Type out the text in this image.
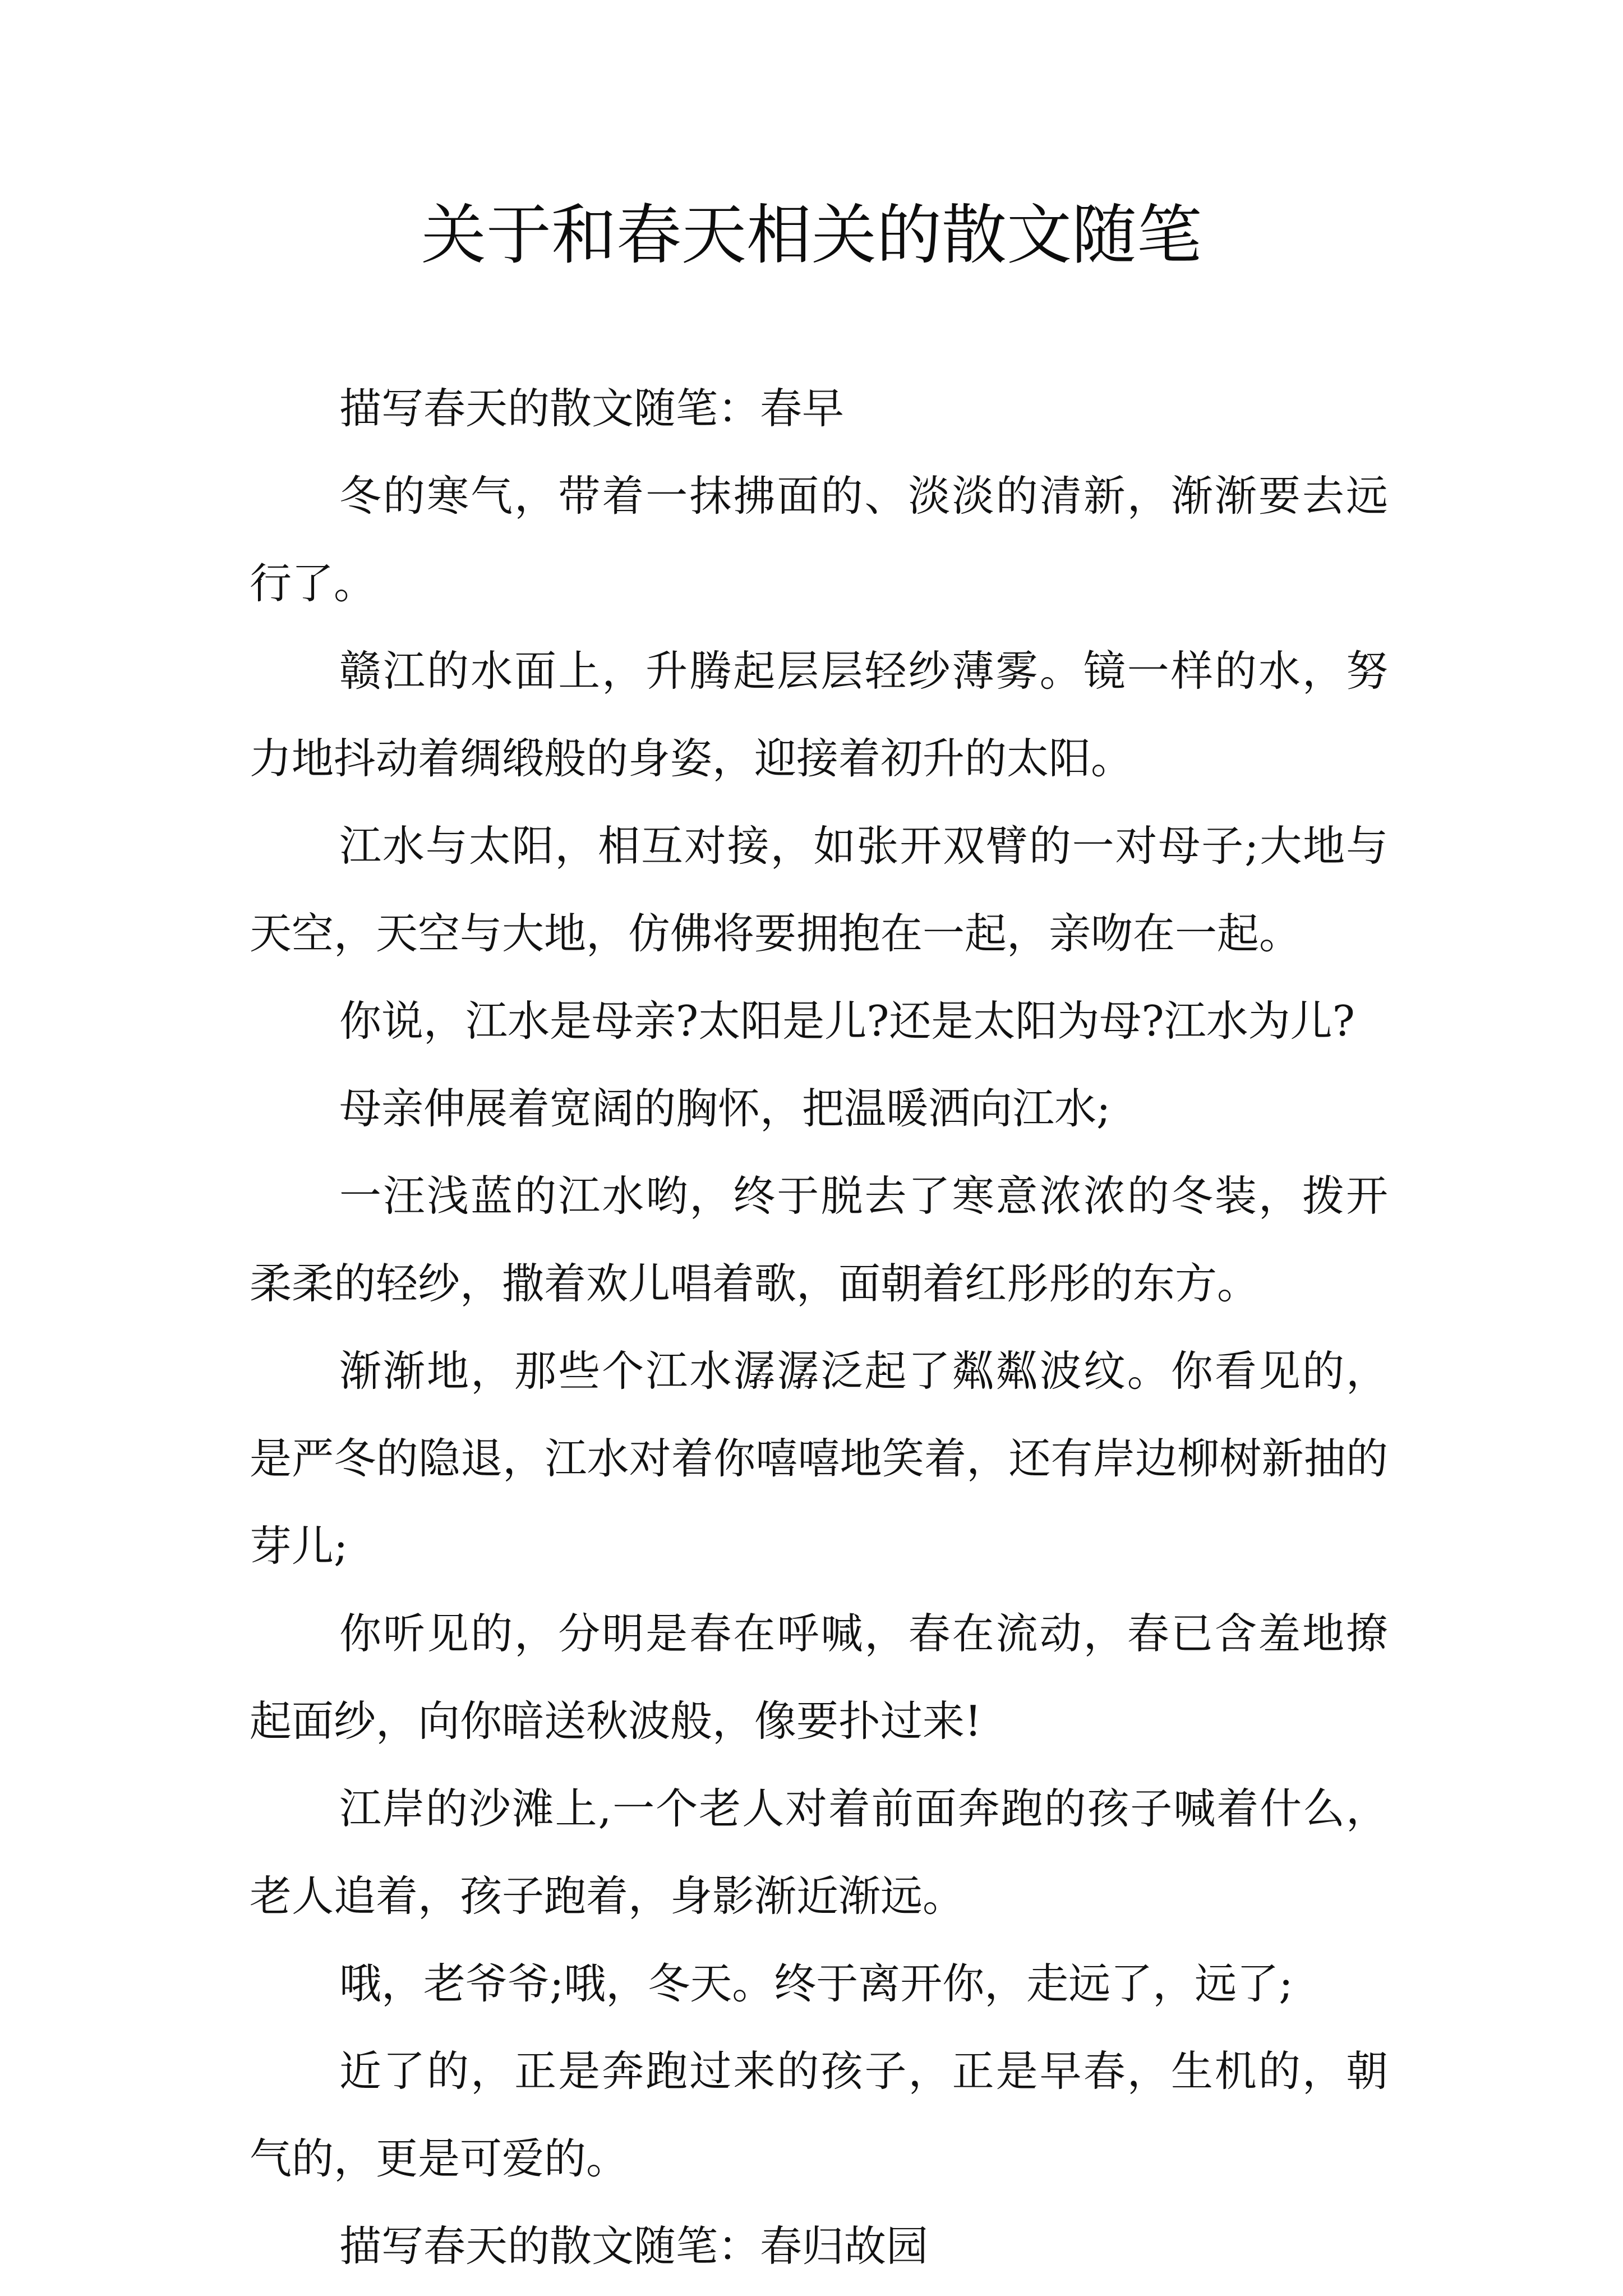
关于和春天相关的散文随笔

描写春天的散文随笔：春早

冬的寒气，带着一抹拂面的、淡淡的清新，渐渐要去远行了。

赣江的水面上，升腾起层层轻纱薄雾。镜一样的水，努力地抖动着绸缎般的身姿，迎接着初升的太阳。

江水与太阳，相互对接，如张开双臂的一对母子;大地与天空，天空与大地，仿佛将要拥抱在一起，亲吻在一起。

你说，江水是母亲?太阳是儿?还是太阳为母?江水为儿?

母亲伸展着宽阔的胸怀，把温暖洒向江水;

一汪浅蓝的江水哟，终于脱去了寒意浓浓的冬装，拨开柔柔的轻纱，撒着欢儿唱着歌，面朝着红彤彤的东方。

渐渐地，那些个江水潺潺泛起了粼粼波纹。你看见的，是严冬的隐退，江水对着你嘻嘻地笑着，还有岸边柳树新抽的芽儿;

你听见的，分明是春在呼喊，春在流动，春已含羞地撩起面纱，向你暗送秋波般，像要扑过来!

江岸的沙滩上,一个老人对着前面奔跑的孩子喊着什么，老人追着，孩子跑着，身影渐近渐远。

哦，老爷爷;哦，冬天。终于离开你，走远了，远了;

近了的，正是奔跑过来的孩子，正是早春，生机的，朝气的，更是可爱的。

描写春天的散文随笔：春归故园
